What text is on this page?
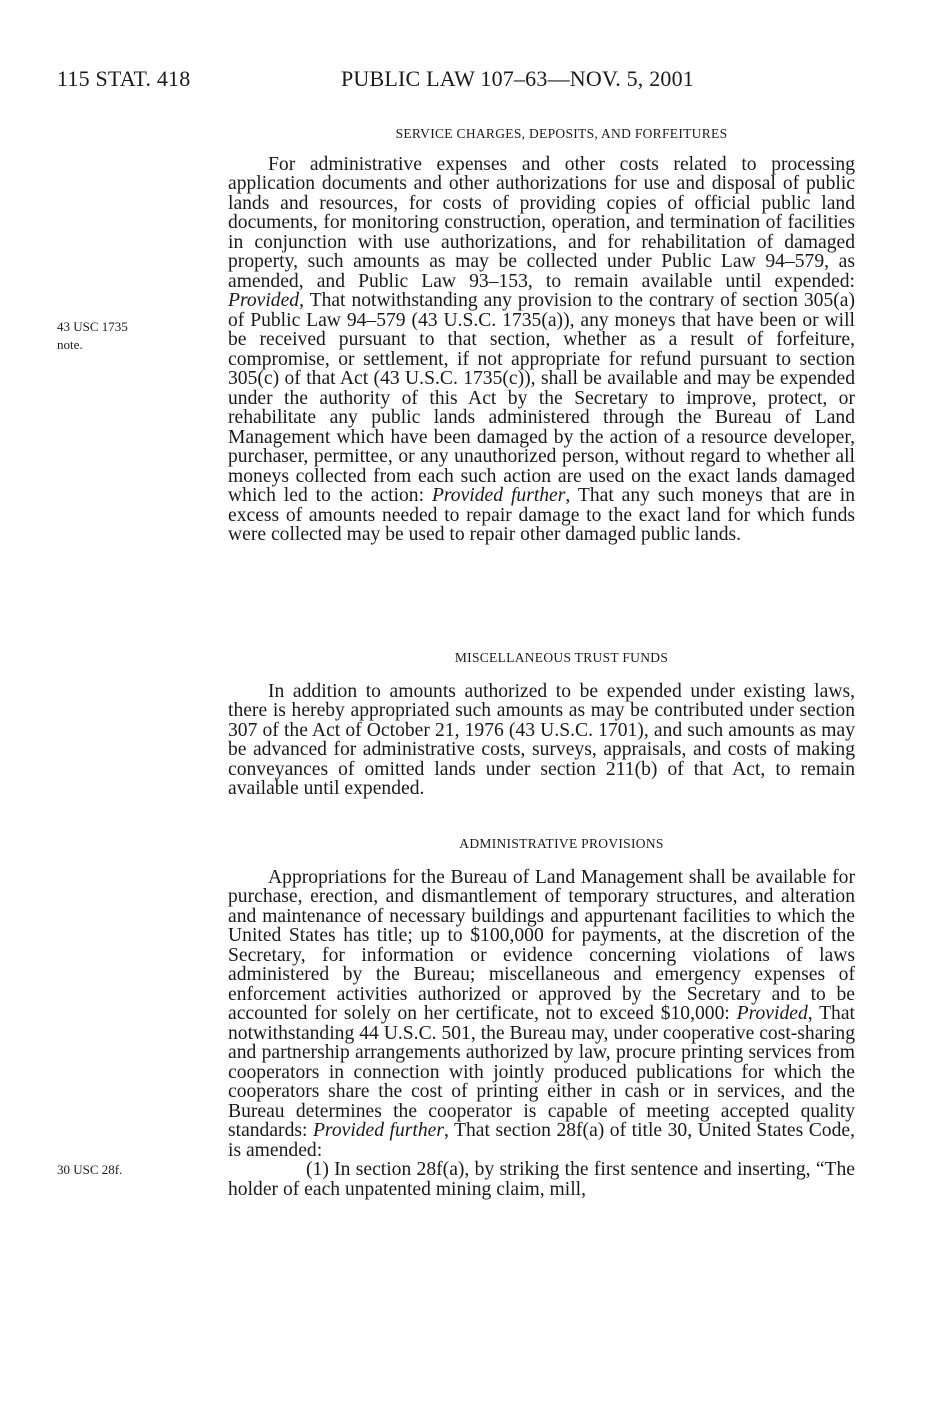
115 STAT. 418	PUBLIC LAW 107–63—NOV. 5, 2001
43 USC 1735
note.
30 USC 28f.
SERVICE CHARGES, DEPOSITS, AND FORFEITURES

For administrative expenses and other costs related to processing application documents and other authorizations for use and disposal of public lands and resources, for costs of providing copies of official public land documents, for monitoring construction, operation, and termination of facilities in conjunction with use authorizations, and for rehabilitation of damaged property, such amounts as may be collected under Public Law 94–579, as amended, and Public Law 93–153, to remain available until expended: Provided, That notwithstanding any provision to the contrary of section 305(a) of Public Law 94–579 (43 U.S.C. 1735(a)), any moneys that have been or will be received pursuant to that section, whether as a result of forfeiture, compromise, or settlement, if not appropriate for refund pursuant to section 305(c) of that Act (43 U.S.C. 1735(c)), shall be available and may be expended under the authority of this Act by the Secretary to improve, protect, or rehabilitate any public lands administered through the Bureau of Land Management which have been damaged by the action of a resource developer, purchaser, permittee, or any unauthorized person, without regard to whether all moneys collected from each such action are used on the exact lands damaged which led to the action: Provided further, That any such moneys that are in excess of amounts needed to repair damage to the exact land for which funds were collected may be used to repair other damaged public lands.

MISCELLANEOUS TRUST FUNDS

In addition to amounts authorized to be expended under existing laws, there is hereby appropriated such amounts as may be contributed under section 307 of the Act of October 21, 1976 (43 U.S.C. 1701), and such amounts as may be advanced for administrative costs, surveys, appraisals, and costs of making conveyances of omitted lands under section 211(b) of that Act, to remain available until expended.

ADMINISTRATIVE PROVISIONS

Appropriations for the Bureau of Land Management shall be available for purchase, erection, and dismantlement of temporary structures, and alteration and maintenance of necessary buildings and appurtenant facilities to which the United States has title; up to $100,000 for payments, at the discretion of the Secretary, for information or evidence concerning violations of laws administered by the Bureau; miscellaneous and emergency expenses of enforcement activities authorized or approved by the Secretary and to be accounted for solely on her certificate, not to exceed $10,000: Provided, That notwithstanding 44 U.S.C. 501, the Bureau may, under cooperative cost-sharing and partnership arrangements authorized by law, procure printing services from cooperators in connection with jointly produced publications for which the cooperators share the cost of printing either in cash or in services, and the Bureau determines the cooperator is capable of meeting accepted quality standards: Provided further, That section 28f(a) of title 30, United States Code, is amended:

(1) In section 28f(a), by striking the first sentence and inserting, “The holder of each unpatented mining claim, mill,
